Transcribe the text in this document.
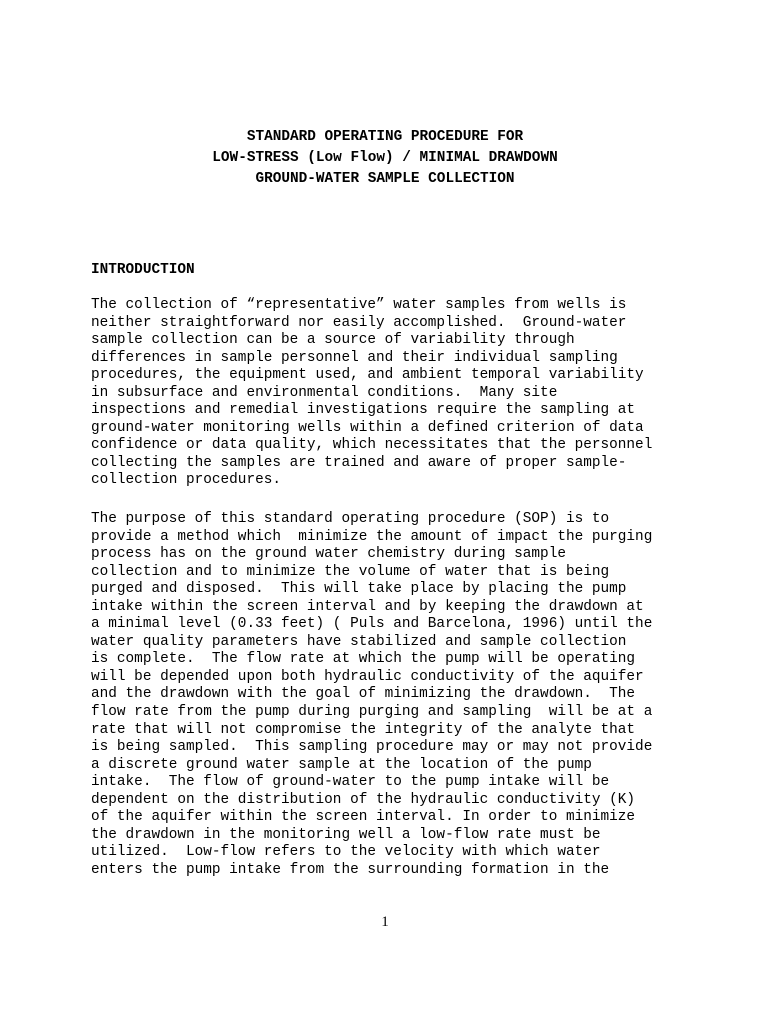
STANDARD OPERATING PROCEDURE FOR
LOW-STRESS (Low Flow) / MINIMAL DRAWDOWN
GROUND-WATER SAMPLE COLLECTION
INTRODUCTION
The collection of “representative” water samples from wells is
neither straightforward nor easily accomplished.  Ground-water
sample collection can be a source of variability through
differences in sample personnel and their individual sampling
procedures, the equipment used, and ambient temporal variability
in subsurface and environmental conditions.  Many site
inspections and remedial investigations require the sampling at
ground-water monitoring wells within a defined criterion of data
confidence or data quality, which necessitates that the personnel
collecting the samples are trained and aware of proper sample-
collection procedures.
The purpose of this standard operating procedure (SOP) is to
provide a method which  minimize the amount of impact the purging
process has on the ground water chemistry during sample
collection and to minimize the volume of water that is being
purged and disposed.  This will take place by placing the pump
intake within the screen interval and by keeping the drawdown at
a minimal level (0.33 feet) ( Puls and Barcelona, 1996) until the
water quality parameters have stabilized and sample collection
is complete.  The flow rate at which the pump will be operating
will be depended upon both hydraulic conductivity of the aquifer
and the drawdown with the goal of minimizing the drawdown.  The
flow rate from the pump during purging and sampling  will be at a
rate that will not compromise the integrity of the analyte that
is being sampled.  This sampling procedure may or may not provide
a discrete ground water sample at the location of the pump
intake.  The flow of ground-water to the pump intake will be
dependent on the distribution of the hydraulic conductivity (K)
of the aquifer within the screen interval. In order to minimize
the drawdown in the monitoring well a low-flow rate must be
utilized.  Low-flow refers to the velocity with which water
enters the pump intake from the surrounding formation in the
1
